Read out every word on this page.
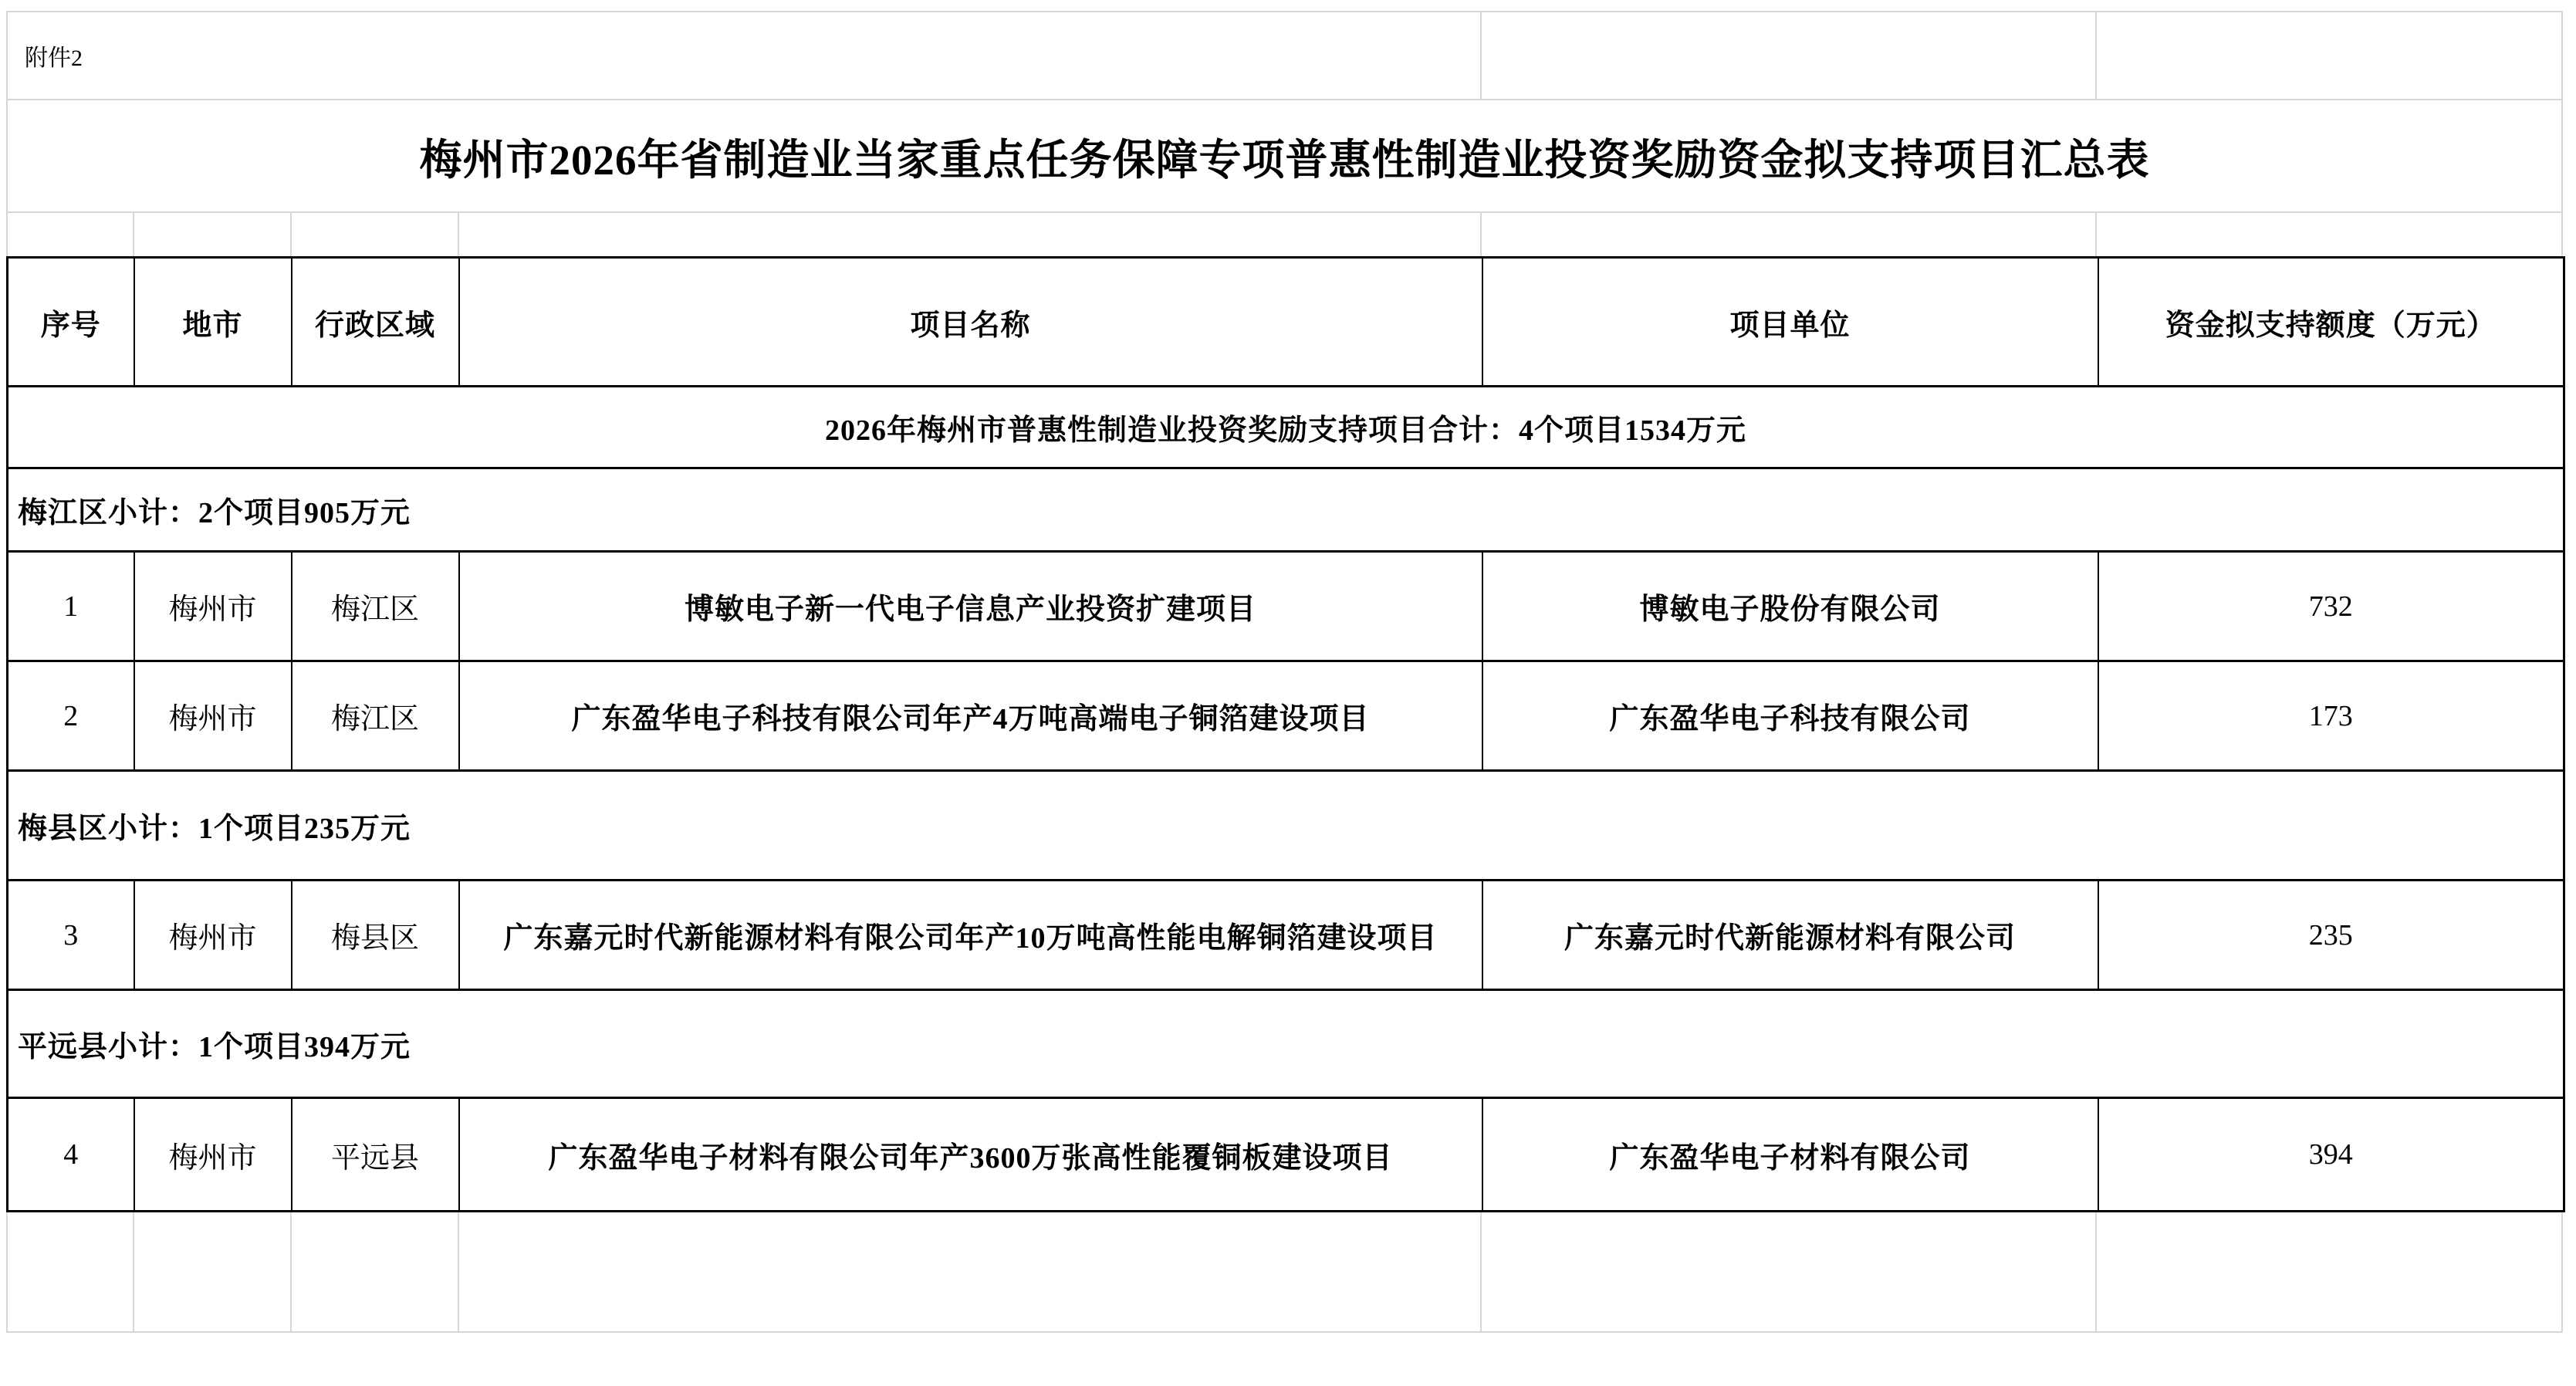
附件2
梅州市2026年省制造业当家重点任务保障专项普惠性制造业投资奖励资金拟支持项目汇总表
序号	地市	行政区域	项目名称	项目单位	资金拟支持额度（万元）
2026年梅州市普惠性制造业投资奖励支持项目合计：4个项目1534万元					
梅江区小计：2个项目905万元					
1	梅州市	梅江区	博敏电子新一代电子信息产业投资扩建项目	博敏电子股份有限公司	732
2	梅州市	梅江区	广东盈华电子科技有限公司年产4万吨高端电子铜箔建设项目	广东盈华电子科技有限公司	173
梅县区小计：1个项目235万元					
3	梅州市	梅县区	广东嘉元时代新能源材料有限公司年产10万吨高性能电解铜箔建设项目	广东嘉元时代新能源材料有限公司	235
平远县小计：1个项目394万元					
4	梅州市	平远县	广东盈华电子材料有限公司年产3600万张高性能覆铜板建设项目	广东盈华电子材料有限公司	394
